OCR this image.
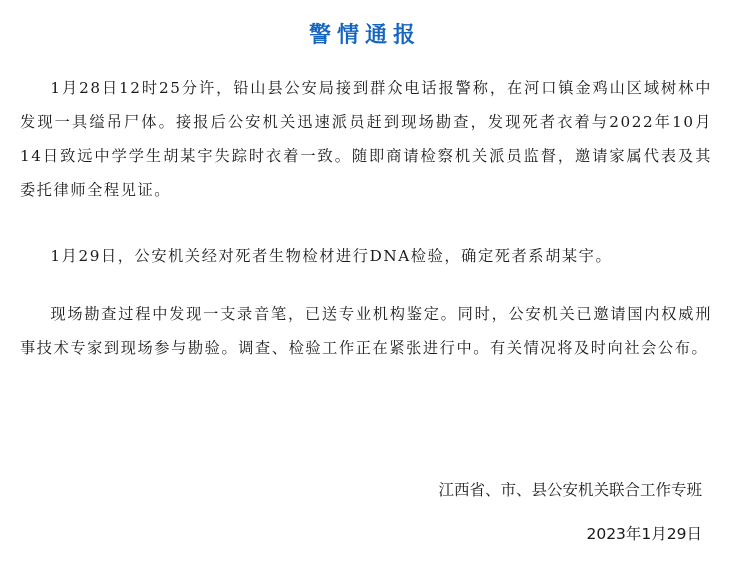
警情通报

1月28日12时25分许，铅山县公安局接到群众电话报警称，在河口镇金鸡山区域树林中发现一具缢吊尸体。接报后公安机关迅速派员赶到现场勘查，发现死者衣着与2022年10月14日致远中学学生胡某宇失踪时衣着一致。随即商请检察机关派员监督，邀请家属代表及其委托律师全程见证。

1月29日，公安机关经对死者生物检材进行DNA检验，确定死者系胡某宇。

现场勘查过程中发现一支录音笔，已送专业机构鉴定。同时，公安机关已邀请国内权威刑事技术专家到现场参与勘验。调查、检验工作正在紧张进行中。有关情况将及时向社会公布。

江西省、市、县公安机关联合工作专班
2023年1月29日
